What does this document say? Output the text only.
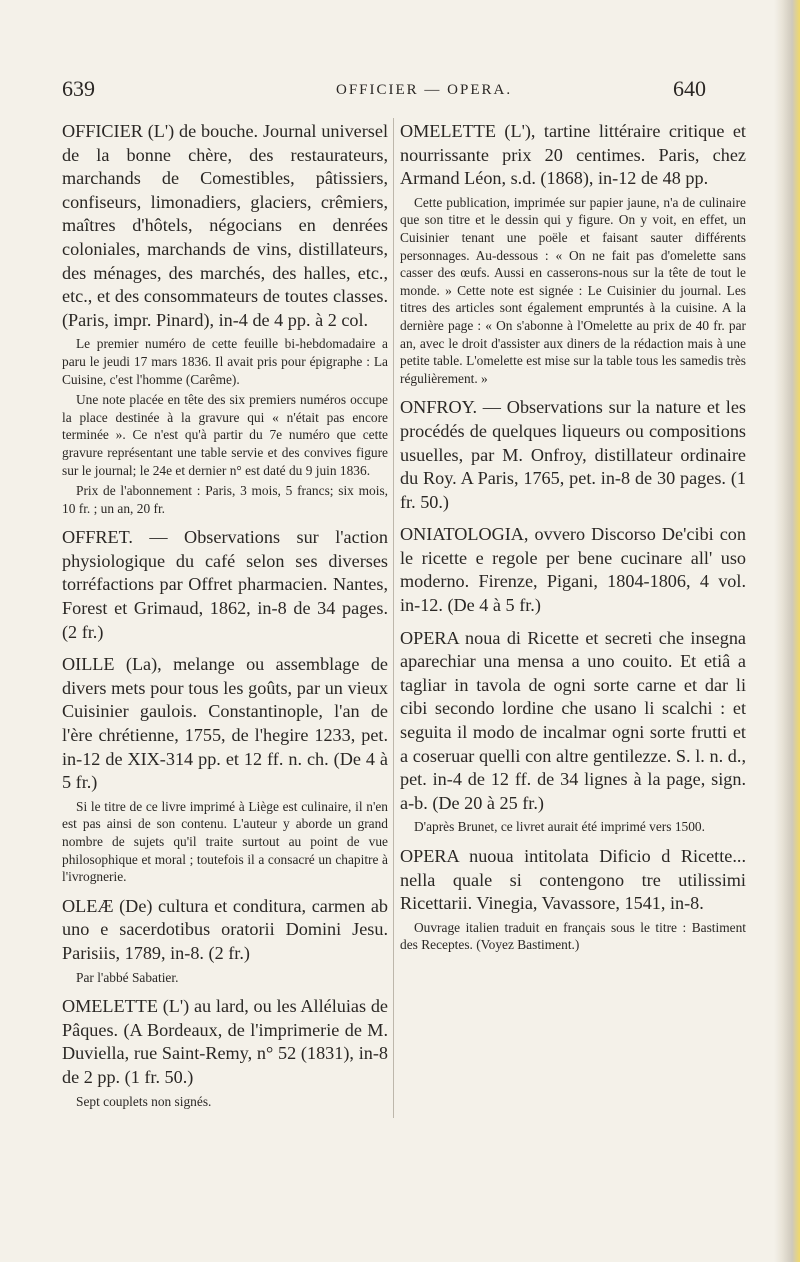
639	OFFICIER — OPERA.	640

OFFICIER (L') de bouche. Journal universel de la bonne chère, des restaurateurs, marchands de Comestibles, pâtissiers, confiseurs, limonadiers, glaciers, crêmiers, maîtres d'hôtels, négocians en denrées coloniales, marchands de vins, distillateurs, des ménages, des marchés, des halles, etc., etc., et des consommateurs de toutes classes. (Paris, impr. Pinard), in-4 de 4 pp. à 2 col.

Le premier numéro de cette feuille bi-hebdomadaire a paru le jeudi 17 mars 1836. Il avait pris pour épigraphe : La Cuisine, c'est l'homme (Carême).

Une note placée en tête des six premiers numéros occupe la place destinée à la gravure qui « n'était pas encore terminée ». Ce n'est qu'à partir du 7e numéro que cette gravure représentant une table servie et des convives figure sur le journal; le 24e et dernier n° est daté du 9 juin 1836.

Prix de l'abonnement : Paris, 3 mois, 5 francs; six mois, 10 fr. ; un an, 20 fr.

OFFRET. — Observations sur l'action physiologique du café selon ses diverses torréfactions par Offret pharmacien. Nantes, Forest et Grimaud, 1862, in-8 de 34 pages. (2 fr.)

OILLE (La), melange ou assemblage de divers mets pour tous les goûts, par un vieux Cuisinier gaulois. Constantinople, l'an de l'ère chrétienne, 1755, de l'hegire 1233, pet. in-12 de XIX-314 pp. et 12 ff. n. ch. (De 4 à 5 fr.)

Si le titre de ce livre imprimé à Liège est culinaire, il n'en est pas ainsi de son contenu. L'auteur y aborde un grand nombre de sujets qu'il traite surtout au point de vue philosophique et moral ; toutefois il a consacré un chapitre à l'ivrognerie.

OLEÆ (De) cultura et conditura, carmen ab uno e sacerdotibus oratorii Domini Jesu. Parisiis, 1789, in-8. (2 fr.)

Par l'abbé Sabatier.

OMELETTE (L') au lard, ou les Alléluias de Pâques. (A Bordeaux, de l'imprimerie de M. Duviella, rue Saint-Remy, n° 52 (1831), in-8 de 2 pp. (1 fr. 50.)

Sept couplets non signés.

OMELETTE (L'), tartine littéraire critique et nourrissante prix 20 centimes. Paris, chez Armand Léon, s.d. (1868), in-12 de 48 pp.

Cette publication, imprimée sur papier jaune, n'a de culinaire que son titre et le dessin qui y figure. On y voit, en effet, un Cuisinier tenant une poële et faisant sauter différents personnages. Au-dessous : « On ne fait pas d'omelette sans casser des œufs. Aussi en casserons-nous sur la tête de tout le monde. » Cette note est signée : Le Cuisinier du journal. Les titres des articles sont également empruntés à la cuisine. A la dernière page : « On s'abonne à l'Omelette au prix de 40 fr. par an, avec le droit d'assister aux diners de la rédaction mais à une petite table. L'omelette est mise sur la table tous les samedis très régulièrement. »

ONFROY. — Observations sur la nature et les procédés de quelques liqueurs ou compositions usuelles, par M. Onfroy, distillateur ordinaire du Roy. A Paris, 1765, pet. in-8 de 30 pages. (1 fr. 50.)

ONIATOLOGIA, ovvero Discorso De'cibi con le ricette e regole per bene cucinare all' uso moderno. Firenze, Pigani, 1804-1806, 4 vol. in-12. (De 4 à 5 fr.)

OPERA noua di Ricette et secreti che insegna aparechiar una mensa a uno couito. Et etiâ a tagliar in tavola de ogni sorte carne et dar li cibi secondo lordine che usano li scalchi : et seguita il modo de incalmar ogni sorte frutti et a coseruar quelli con altre gentilezze. S. l. n. d., pet. in-4 de 12 ff. de 34 lignes à la page, sign. a-b. (De 20 à 25 fr.)

D'après Brunet, ce livret aurait été imprimé vers 1500.

OPERA nuoua intitolata Dificio d Ricette... nella quale si contengono tre utilissimi Ricettarii. Vinegia, Vavassore, 1541, in-8.

Ouvrage italien traduit en français sous le titre : Bastiment des Receptes. (Voyez Bastiment.)
